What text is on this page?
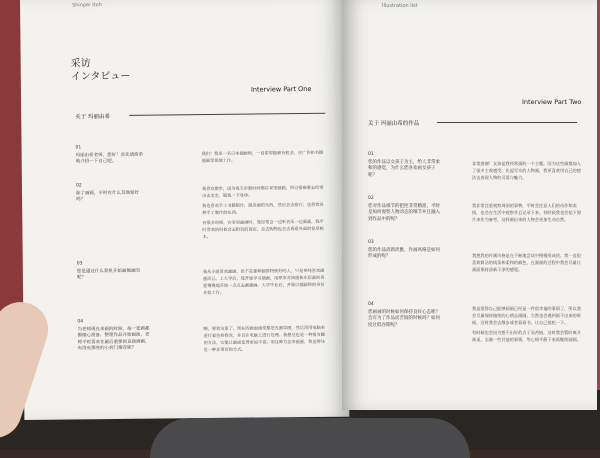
Shinpei Itoh
采访
インタビュー
Interview Part One
关于 玛丽由希
01
玛丽由希老师，您好！首先请简单地介绍一下自己吧。
02
除了画画，平时有什么其他爱好吗？
03
您是通过什么契机开始画插画的呢？
04
当老师现在来画的时候，每一张画都都细心准备，整理作品开始画面，老师平时喜欢在最后重要的直接画画，有没有那些的小窍门推荐呢？

我们！我是一名日本插画师，一直希望能够有机会，在广告和书籍插画等领域工作。

我喜欢散步，因为每天步数时间都在家里画画，所以很难要去经常出去走走，锻炼一下身体。

我也喜欢手工书籍制作，做美丽的东西，然后会去旅行，也喜欢各种手工制作的东西。

有很多时候，在家里画画时，我经常会一边听音乐一边画画，我平时喜欢的时候会去附近的商店，会去购物也会去看看外面的花草树木。

我从小就喜欢画画，但不是那种画得特别好的人，只是单纯喜欢画画而已。上大学后，我开始学习插画，用原来对油画和水彩画的喜爱慢慢地开始一点点去画插画。大学毕业后，开始以插画师的身份开始工作。

啊，要看这里了。现在的画面通常都是先画草图，然后再用电脑来进行着色和修改，并且在电脑上进行处理。我想这也是一种很有趣的方法，它能让画面变得更加丰富。用这种方法来画画，我觉得这是一种非常好的方式。

Illustration list
Interview Part Two
关于 玛丽由希的作品
01
您的作品以女孩子为主，给人非常柔和的感觉，为什么您喜欢画女孩子呢？
02
您对作品细节的把控非常精准，平时是如何观察人物动态的细节并且融入到作品中的呢？
03
您的作品清新淡雅，作画风格是如何形成的呢？
04
您画画的时候如何保持良好心态呢？会有为了作品而苦恼的时候吗？如何度过低谷期呢？

非常感谢！女孩是我经常画的一个主题。因为这些画都加入了很多主观感受，比起写实的人物画，我更喜欢用自己的想法去表现人物的可爱与魅力。

我非常注重观察周围的事物，平时会注意人们的动作和表情，也会在生活中观察并且记录下来。有时候我也会拍下照片来作为参考，这样画出来的人物会更加生动自然。

我想我的作画风格是在不断地尝试中慢慢形成的。我一直很喜欢简洁的线条和柔和的颜色，在画画的过程中我会尽量让画面保持清新干净的感觉。

我是觉得自己能够画画已经是一件很幸福的事情了，所以我会尽量保持愉快的心情去画画。当然也会遇到画不出来的时候，这时我会去散步或者看看书，让自己放松一下。

有时候也会因为想不出好的点子而苦恼，这时我会暂时离开画桌，去做一些其他的事情，等心情平静下来再继续画画。
